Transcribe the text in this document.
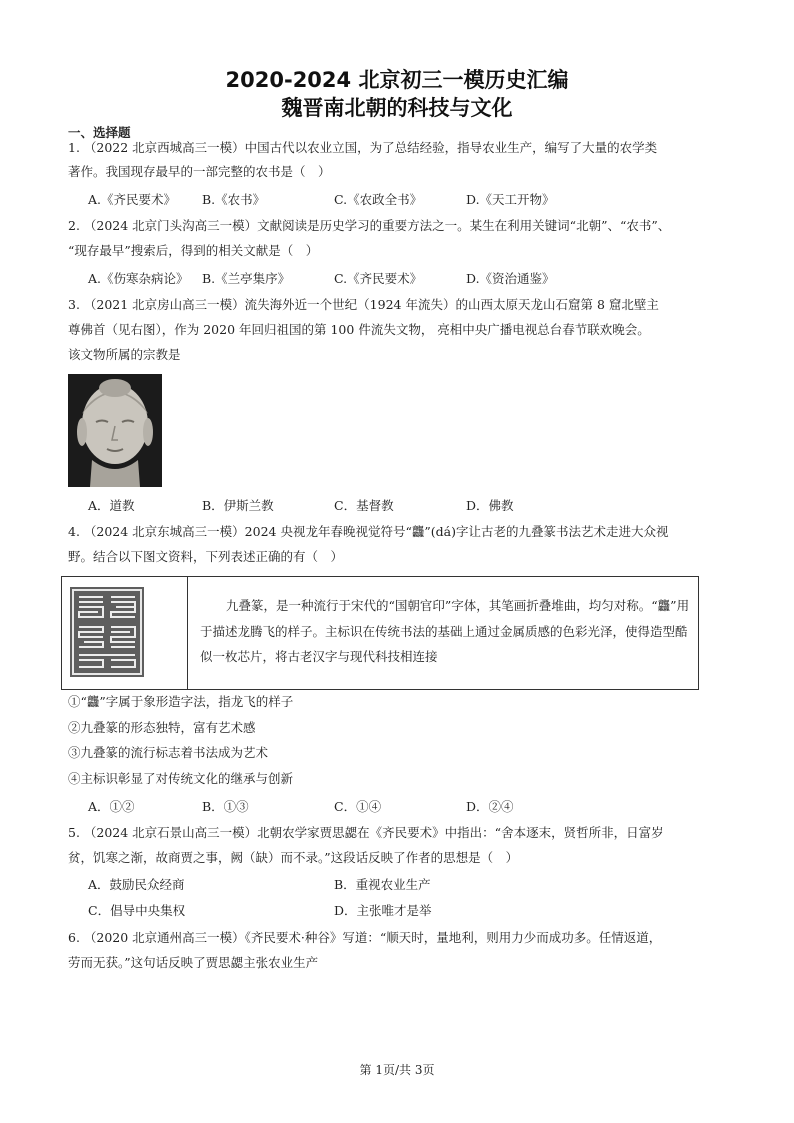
2020-2024 北京初三一模历史汇编
魏晋南北朝的科技与文化
一、选择题
1. （2022 北京西城高三一模）中国古代以农业立国，为了总结经验，指导农业生产，编写了大量的农学类
著作。我国现存最早的一部完整的农书是（　）
A.《齐民要术》 B.《农书》	C.《农政全书》	D.《天工开物》
2. （2024 北京门头沟高三一模）文献阅读是历史学习的重要方法之一。某生在利用关键词“北朝”、“农书”、
“现存最早”搜索后，得到的相关文献是（　）
A.《伤寒杂病论》 B.《兰亭集序》	C.《齐民要术》	D.《资治通鉴》
3. （2021 北京房山高三一模）流失海外近一个世纪（1924 年流失）的山西太原天龙山石窟第 8 窟北壁主
尊佛首（见右图），作为 2020 年回归祖国的第 100 件流失文物， 亮相中央广播电视总台春节联欢晚会。
该文物所属的宗教是
A．道教	B．伊斯兰教	C．基督教	D．佛教
4. （2024 北京东城高三一模）2024 央视龙年春晚视觉符号“龘”(dá)字让古老的九叠篆书法艺术走进大众视
野。结合以下图文资料，下列表述正确的有（　）
九叠篆，是一种流行于宋代的“国朝官印”字体，其笔画折叠堆曲，均匀对称。“龘”用
于描述龙腾飞的样子。主标识在传统书法的基础上通过金属质感的色彩光泽，使得造型酷
似一枚芯片，将古老汉字与现代科技相连接
①“龘”字属于象形造字法，指龙飞的样子
②九叠篆的形态独特，富有艺术感
③九叠篆的流行标志着书法成为艺术
④主标识彰显了对传统文化的继承与创新
A．①②	B．①③	C．①④	D．②④
5. （2024 北京石景山高三一模）北朝农学家贾思勰在《齐民要术》中指出：“舍本逐末，贤哲所非，日富岁
贫，饥寒之渐，故商贾之事，阙（缺）而不录。”这段话反映了作者的思想是（　）
A．鼓励民众经商	B．重视农业生产
C．倡导中央集权	D．主张唯才是举
6. （2020 北京通州高三一模）《齐民要术·种谷》写道：“顺天时，量地利，则用力少而成功多。任情返道，
劳而无获。”这句话反映了贾思勰主张农业生产
第 1页/共 3页
